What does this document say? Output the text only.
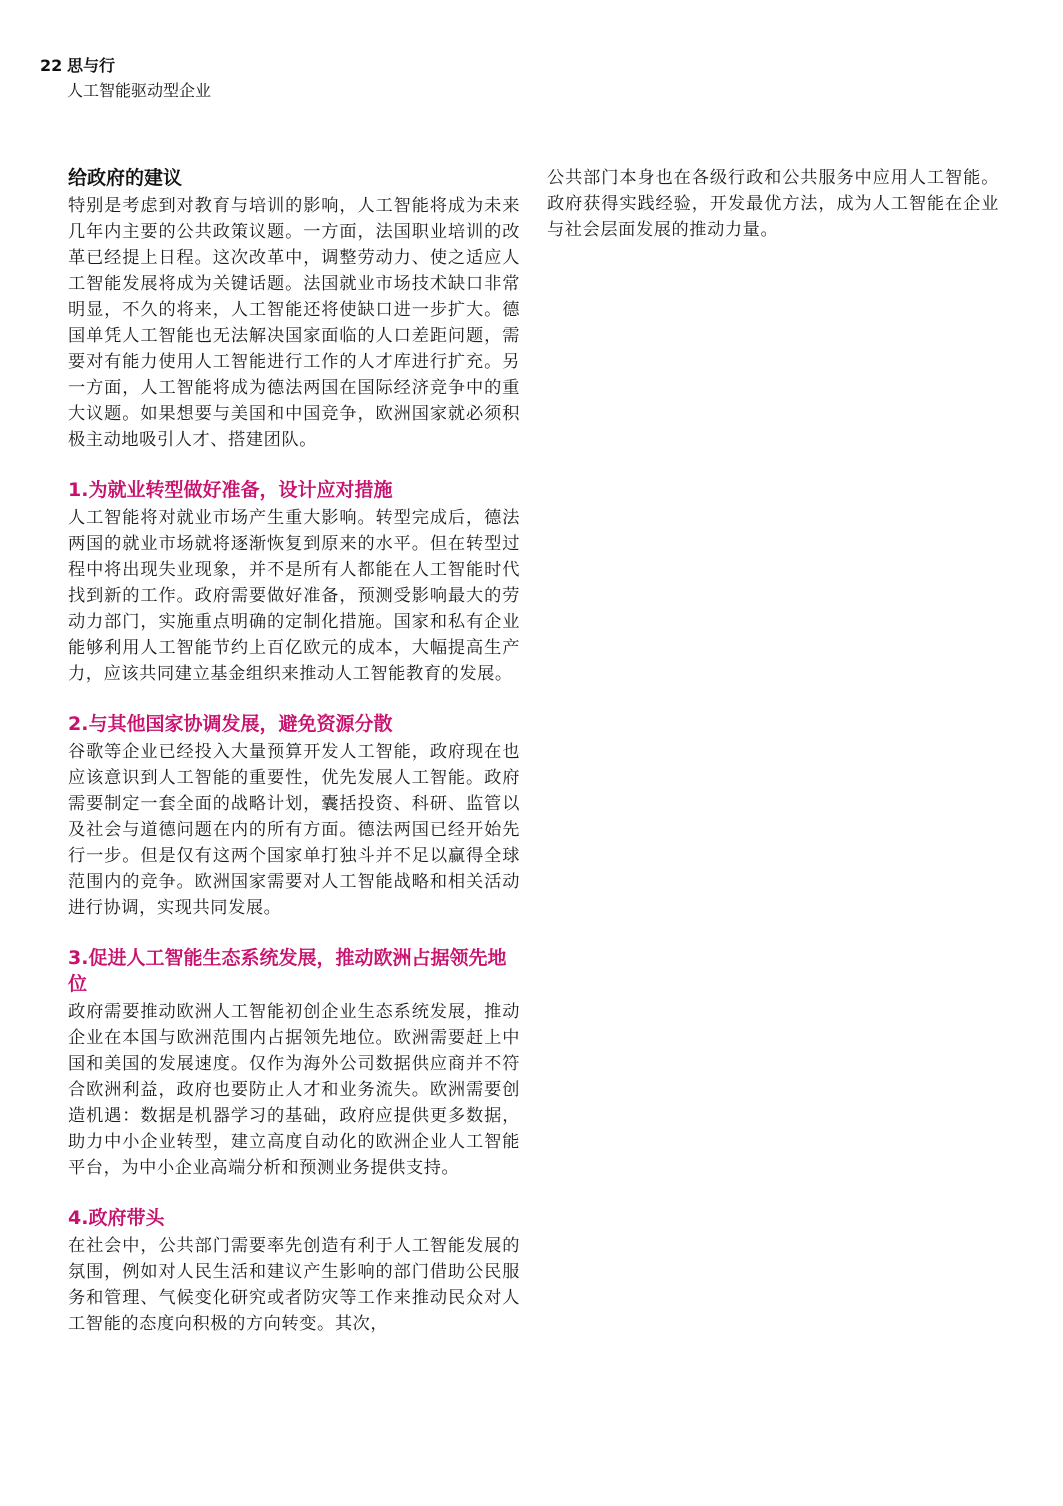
22 思与行
人工智能驱动型企业
给政府的建议

特别是考虑到对教育与培训的影响，人工智能将成为未来几年内主要的公共政策议题。一方面，法国职业培训的改革已经提上日程。这次改革中，调整劳动力、使之适应人工智能发展将成为关键话题。法国就业市场技术缺口非常明显，不久的将来，人工智能还将使缺口进一步扩大。德国单凭人工智能也无法解决国家面临的人口差距问题，需要对有能力使用人工智能进行工作的人才库进行扩充。另一方面，人工智能将成为德法两国在国际经济竞争中的重大议题。如果想要与美国和中国竞争，欧洲国家就必须积极主动地吸引人才、搭建团队。

1.为就业转型做好准备，设计应对措施

人工智能将对就业市场产生重大影响。转型完成后，德法两国的就业市场就将逐渐恢复到原来的水平。但在转型过程中将出现失业现象，并不是所有人都能在人工智能时代找到新的工作。政府需要做好准备，预测受影响最大的劳动力部门，实施重点明确的定制化措施。国家和私有企业能够利用人工智能节约上百亿欧元的成本，大幅提高生产力，应该共同建立基金组织来推动人工智能教育的发展。

2.与其他国家协调发展，避免资源分散

谷歌等企业已经投入大量预算开发人工智能，政府现在也应该意识到人工智能的重要性，优先发展人工智能。政府需要制定一套全面的战略计划，囊括投资、科研、监管以及社会与道德问题在内的所有方面。德法两国已经开始先行一步。但是仅有这两个国家单打独斗并不足以赢得全球范围内的竞争。欧洲国家需要对人工智能战略和相关活动进行协调，实现共同发展。

3.促进人工智能生态系统发展，推动欧洲占据领先地位

政府需要推动欧洲人工智能初创企业生态系统发展，推动企业在本国与欧洲范围内占据领先地位。欧洲需要赶上中国和美国的发展速度。仅作为海外公司数据供应商并不符合欧洲利益，政府也要防止人才和业务流失。欧洲需要创造机遇：数据是机器学习的基础，政府应提供更多数据，助力中小企业转型，建立高度自动化的欧洲企业人工智能平台，为中小企业高端分析和预测业务提供支持。

4.政府带头

在社会中，公共部门需要率先创造有利于人工智能发展的氛围，例如对人民生活和建议产生影响的部门借助公民服务和管理、气候变化研究或者防灾等工作来推动民众对人工智能的态度向积极的方向转变。其次，

公共部门本身也在各级行政和公共服务中应用人工智能。政府获得实践经验，开发最优方法，成为人工智能在企业与社会层面发展的推动力量。
